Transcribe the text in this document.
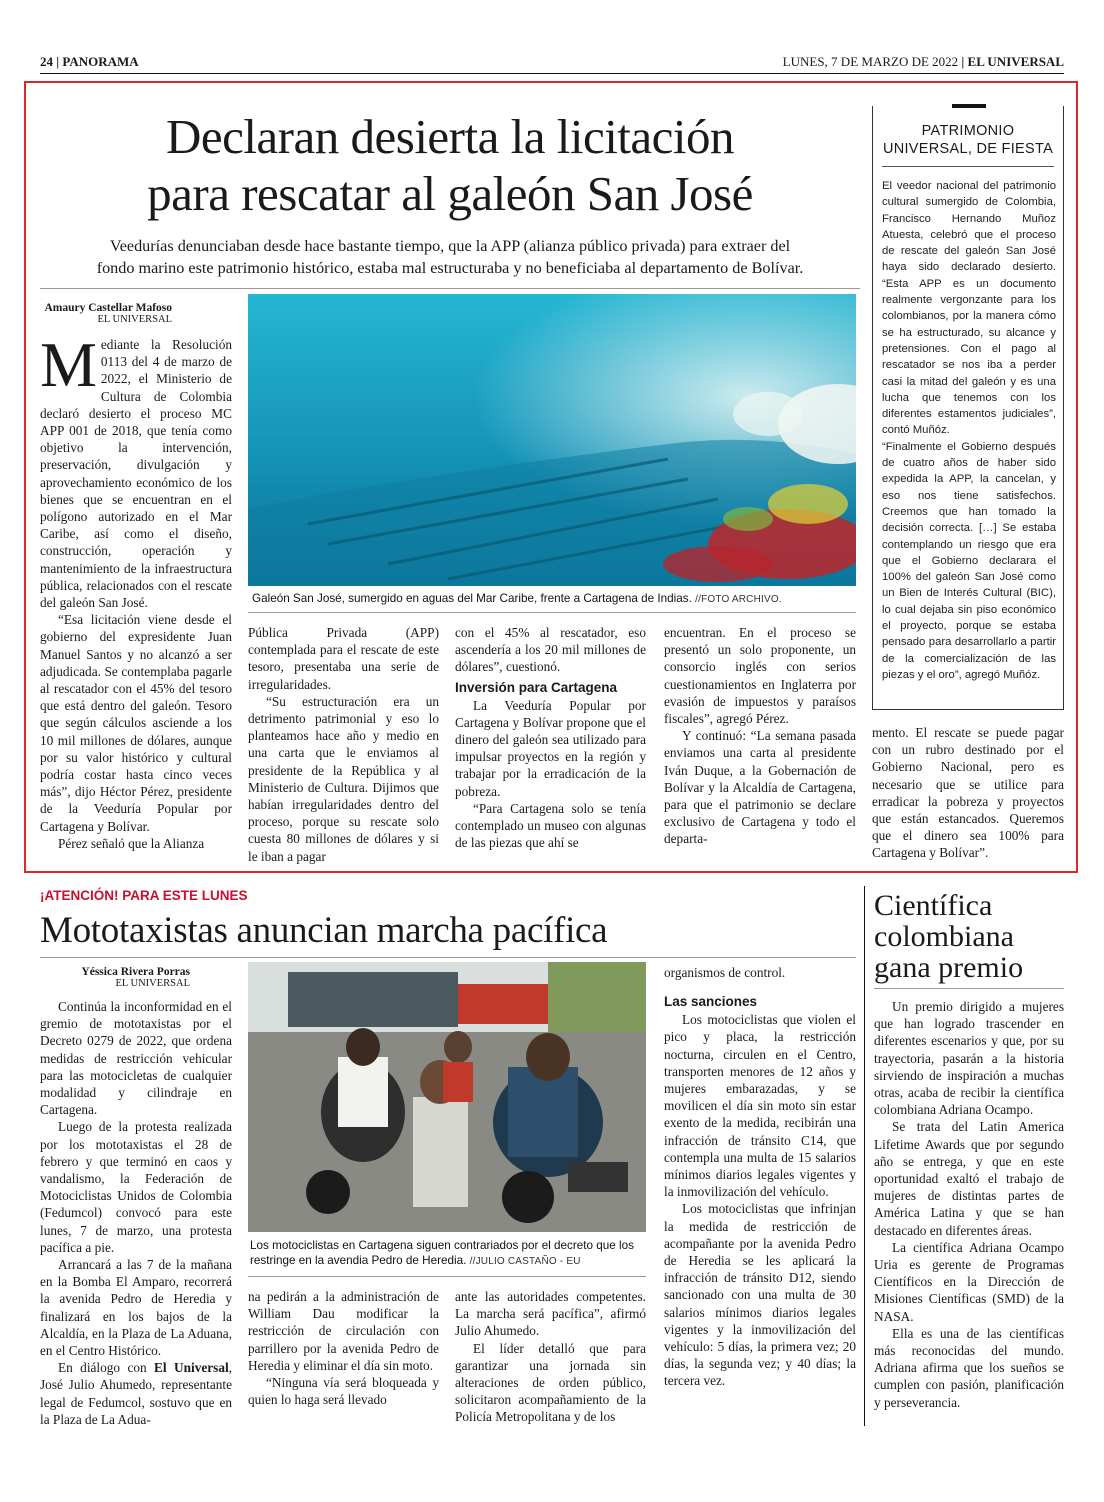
24 | PANORAMA	LUNES, 7 DE MARZO DE 2022 | EL UNIVERSAL
Declaran desierta la licitación
para rescatar al galeón San José
Veedurías denunciaban desde hace bastante tiempo, que la APP (alianza público privada) para extraer del
fondo marino este patrimonio histórico, estaba mal estructuraba y no beneficiaba al departamento de Bolívar.
Amaury Castellar Mafoso
EL UNIVERSAL

Mediante la Resolución 0113 del 4 de marzo de 2022, el Ministerio de Cultura de Colombia declaró desierto el proceso MC APP 001 de 2018, que tenía como objetivo la intervención, preservación, divulgación y aprovechamiento económico de los bienes que se encuentran en el polígono autorizado en el Mar Caribe, así como el diseño, construcción, operación y mantenimiento de la infraestructura pública, relacionados con el rescate del galeón San José.

“Esa licitación viene desde el gobierno del expresidente Juan Manuel Santos y no alcanzó a ser adjudicada. Se contemplaba pagarle al rescatador con el 45% del tesoro que está dentro del galeón. Tesoro que según cálculos asciende a los 10 mil millones de dólares, aunque por su valor histórico y cultural podría costar hasta cinco veces más”, dijo Héctor Pérez, presidente de la Veeduría Popular por Cartagena y Bolívar.

Pérez señaló que la Alianza

Galeón San José, sumergido en aguas del Mar Caribe, frente a Cartagena de Indias. //FOTO ARCHIVO.

Pública Privada (APP) contemplada para el rescate de este tesoro, presentaba una serie de irregularidades.

“Su estructuración era un detrimento patrimonial y eso lo planteamos hace año y medio en una carta que le enviamos al presidente de la República y al Ministerio de Cultura. Dijimos que habían irregularidades dentro del proceso, porque su rescate solo cuesta 80 millones de dólares y si le iban a pagar

con el 45% al rescatador, eso ascendería a los 20 mil millones de dólares”, cuestionó.

Inversión para Cartagena

La Veeduría Popular por Cartagena y Bolívar propone que el dinero del galeón sea utilizado para impulsar proyectos en la región y trabajar por la erradicación de la pobreza.

“Para Cartagena solo se tenía contemplado un museo con algunas de las piezas que ahí se

encuentran. En el proceso se presentó un solo proponente, un consorcio inglés con serios cuestionamientos en Inglaterra por evasión de impuestos y paraísos fiscales”, agregó Pérez.

Y continuó: “La semana pasada enviamos una carta al presidente Iván Duque, a la Gobernación de Bolívar y la Alcaldía de Cartagena, para que el patrimonio se declare exclusivo de Cartagena y todo el departa-

mento. El rescate se puede pagar con un rubro destinado por el Gobierno Nacional, pero es necesario que se utilice para erradicar la pobreza y proyectos que están estancados. Queremos que el dinero sea 100% para Cartagena y Bolívar”.

PATRIMONIO
UNIVERSAL, DE FIESTA

El veedor nacional del patrimonio cultural sumergido de Colombia, Francisco Hernando Muñoz Atuesta, celebró que el proceso de rescate del galeón San José haya sido declarado desierto. “Esta APP es un documento realmente vergonzante para los colombianos, por la manera cómo se ha estructurado, su alcance y pretensiones. Con el pago al rescatador se nos iba a perder casi la mitad del galeón y es una lucha que tenemos con los diferentes estamentos judiciales”, contó Muñóz.

“Finalmente el Gobierno después de cuatro años de haber sido expedida la APP, la cancelan, y eso nos tiene satisfechos. Creemos que han tomado la decisión correcta. […] Se estaba contemplando un riesgo que era que el Gobierno declarara el 100% del galeón San José como un Bien de Interés Cultural (BIC), lo cual dejaba sin piso económico el proyecto, porque se estaba pensado para desarrollarlo a partir de la comercialización de las piezas y el oro”, agregó Muñóz.

¡ATENCIÓN! PARA ESTE LUNES
Mototaxistas anuncian marcha pacífica
Yéssica Rivera Porras
EL UNIVERSAL

Continúa la inconformidad en el gremio de mototaxistas por el Decreto 0279 de 2022, que ordena medidas de restricción vehicular para las motocicletas de cualquier modalidad y cilindraje en Cartagena.

Luego de la protesta realizada por los mototaxistas el 28 de febrero y que terminó en caos y vandalismo, la Federación de Motociclistas Unidos de Colombia (Fedumcol) convocó para este lunes, 7 de marzo, una protesta pacífica a pie.

Arrancará a las 7 de la mañana en la Bomba El Amparo, recorrerá la avenida Pedro de Heredia y finalizará en los bajos de la Alcaldía, en la Plaza de La Aduana, en el Centro Histórico.

En diálogo con El Universal, José Julio Ahumedo, representante legal de Fedumcol, sostuvo que en la Plaza de La Adua-

Los motociclistas en Cartagena siguen contrariados por el decreto que los restringe en la avendia Pedro de Heredia. //JULIO CASTAÑO - EU

na pedirán a la administración de William Dau modificar la restricción de circulación con parrillero por la avenida Pedro de Heredia y eliminar el día sin moto.

“Ninguna vía será bloqueada y quien lo haga será llevado

ante las autoridades competentes. La marcha será pacífica”, afirmó Julio Ahumedo.

El líder detalló que para garantizar una jornada sin alteraciones de orden público, solicitaron acompañamiento de la Policía Metropolitana y de los

organismos de control.

Las sanciones

Los motociclistas que violen el pico y placa, la restricción nocturna, circulen en el Centro, transporten menores de 12 años y mujeres embarazadas, y se movilicen el día sin moto sin estar exento de la medida, recibirán una infracción de tránsito C14, que contempla una multa de 15 salarios mínimos diarios legales vigentes y la inmovilización del vehículo.

Los motociclistas que infrinjan la medida de restricción de acompañante por la avenida Pedro de Heredia se les aplicará la infracción de tránsito D12, siendo sancionado con una multa de 30 salarios mínimos diarios legales vigentes y la inmovilización del vehículo: 5 días, la primera vez; 20 días, la segunda vez; y 40 días; la tercera vez.

Científica
colombiana
gana premio

Un premio dirigido a mujeres que han logrado trascender en diferentes escenarios y que, por su trayectoria, pasarán a la historia sirviendo de inspiración a muchas otras, acaba de recibir la científica colombiana Adriana Ocampo.

Se trata del Latin America Lifetime Awards que por segundo año se entrega, y que en este oportunidad exaltó el trabajo de mujeres de distintas partes de América Latina y que se han destacado en diferentes áreas.

La científica Adriana Ocampo Uria es gerente de Programas Científicos en la Dirección de Misiones Científicas (SMD) de la NASA.

Ella es una de las científicas más reconocidas del mundo. Adriana afirma que los sueños se cumplen con pasión, planificación y perseverancia.
